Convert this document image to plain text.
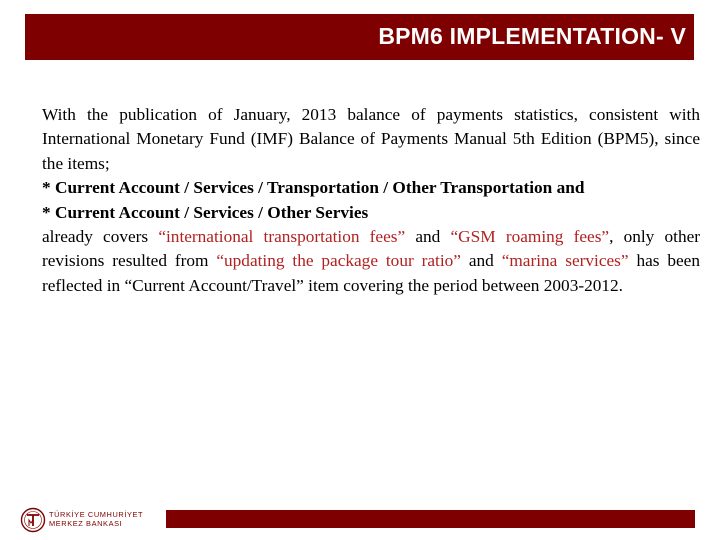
BPM6 IMPLEMENTATION- V

With the publication of January, 2013 balance of payments statistics, consistent with International Monetary Fund (IMF) Balance of Payments Manual 5th Edition (BPM5), since the items;

* Current Account / Services / Transportation / Other Transportation and

* Current Account / Services / Other Servies

already covers “international transportation fees” and “GSM roaming fees”, only other revisions resulted from “updating the package tour ratio” and “marina services” has been reflected in “Current Account/Travel” item covering the period between 2003-2012.

TÜRKİYE CUMHURİYET
MERKEZ BANKASI
